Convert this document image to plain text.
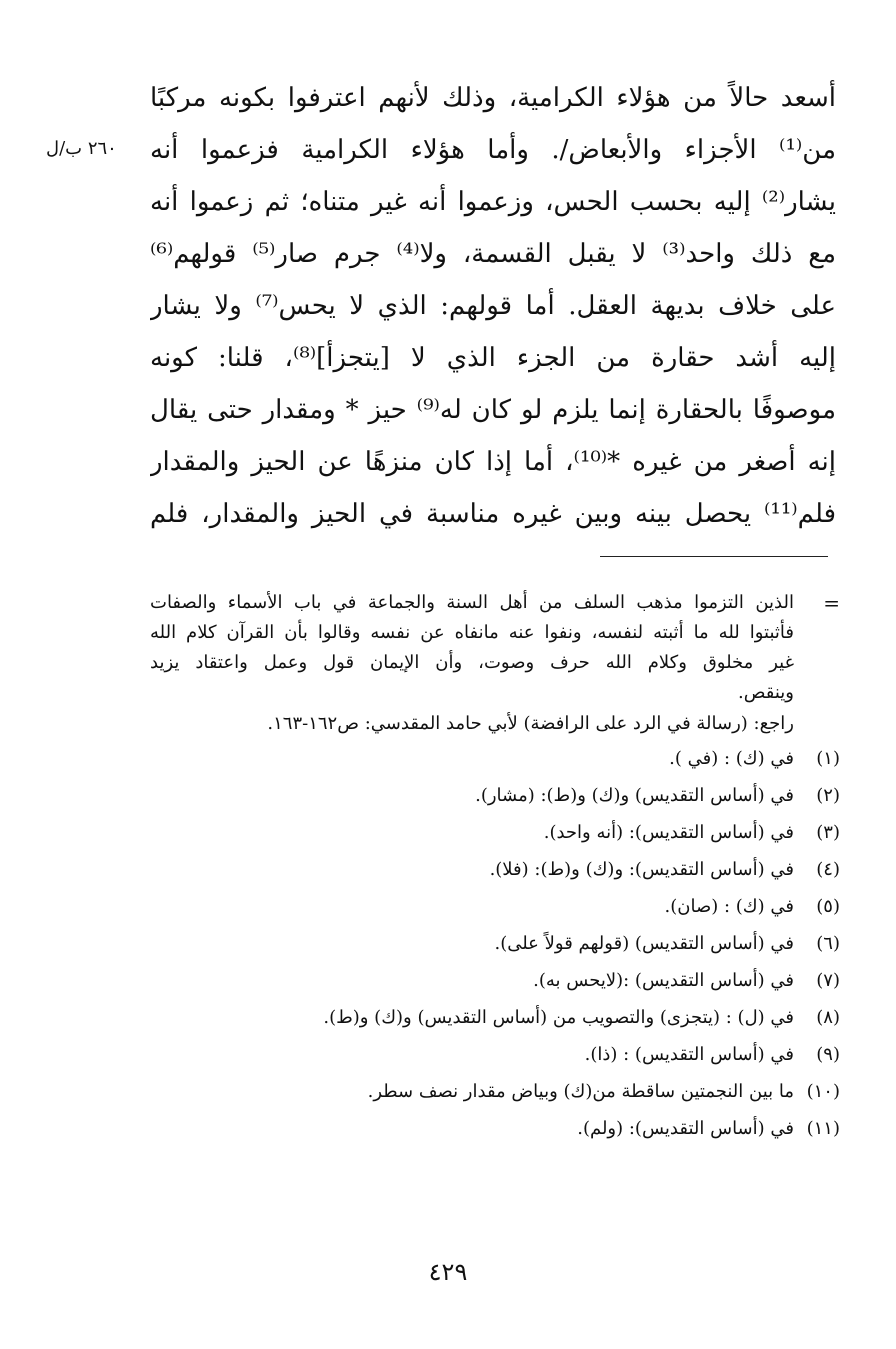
أسعد حالاً من هؤلاء الكرامية، وذلك لأنهم اعترفوا بكونه مركبًا
من⁽¹⁾ الأجزاء والأبعاض/. وأما هؤلاء الكرامية فزعموا أنه
يشار⁽²⁾ إليه بحسب الحس، وزعموا أنه غير متناه؛ ثم زعموا أنه
مع ذلك واحد⁽³⁾ لا يقبل القسمة، ولا⁽⁴⁾ جرم صار⁽⁵⁾ قولهم⁽⁶⁾
على خلاف بديهة العقل. أما قولهم: الذي لا يحس⁽⁷⁾ ولا يشار
إليه أشد حقارة من الجزء الذي لا [يتجزأ]⁽⁸⁾، قلنا: كونه
موصوفًا بالحقارة إنما يلزم لو كان له⁽⁹⁾ حيز * ومقدار حتى يقال
إنه أصغر من غيره *⁽¹⁰⁾، أما إذا كان منزهًا عن الحيز والمقدار
فلم⁽¹¹⁾ يحصل بينه وبين غيره مناسبة في الحيز والمقدار، فلم
٢٦٠ ب/ل
=
الذين التزموا مذهب السلف من أهل السنة والجماعة في باب الأسماء والصفات
فأثبتوا لله ما أثبته لنفسه، ونفوا عنه مانفاه عن نفسه وقالوا بأن القرآن كلام الله
غير مخلوق وكلام الله حرف وصوت، وأن الإيمان قول وعمل واعتقاد يزيد
وينقص.
راجع: (رسالة في الرد على الرافضة) لأبي حامد المقدسي: ص١٦٢-١٦٣.
(١)
في (ك) : (في ).
(٢)
في (أساس التقديس) و(ك) و(ط): (مشار).
(٣)
في (أساس التقديس): (أنه واحد).
(٤)
في (أساس التقديس): و(ك) و(ط): (فلا).
(٥)
في (ك) : (صان).
(٦)
في (أساس التقديس) (قولهم قولاً على).
(٧)
في (أساس التقديس) :(لايحس به).
(٨)
في (ل) : (يتجزى) والتصويب من (أساس التقديس) و(ك) و(ط).
(٩)
في (أساس التقديس) : (ذا).
(١٠)
ما بين النجمتين ساقطة من(ك) وبياض مقدار نصف سطر.
(١١)
في (أساس التقديس): (ولم).
٤٢٩
